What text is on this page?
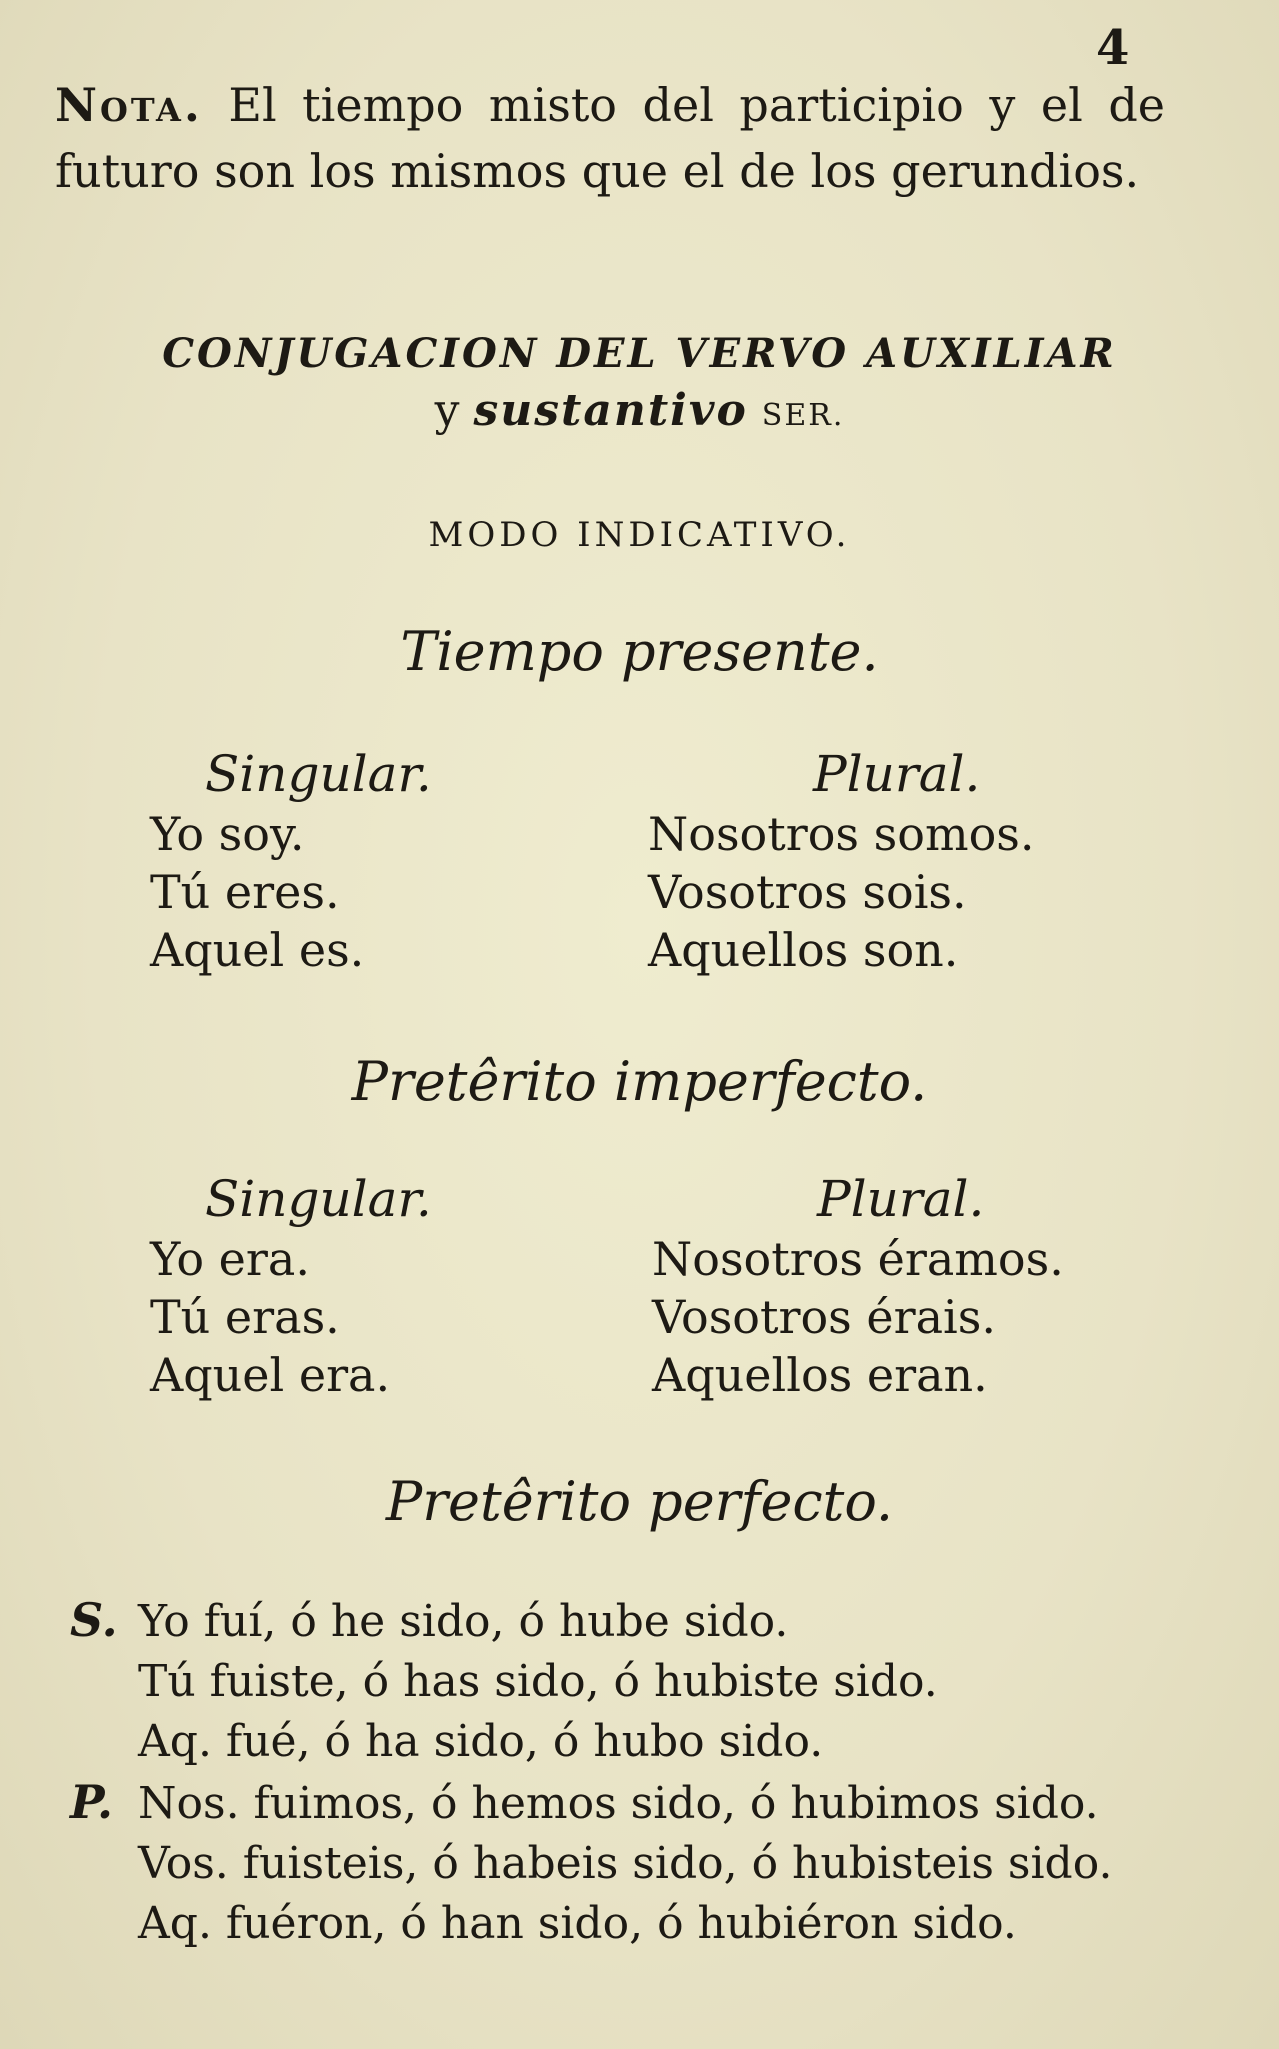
4
Nota. El tiempo misto del participio y el de futuro son los mismos que el de los gerundios.
CONJUGACION DEL VERVO AUXILIAR
y sustantivo SER.
MODO INDICATIVO.
Tiempo presente.
Singular.
Yo soy.
Tú eres.
Aquel es.
Plural.
Nosotros somos.
Vosotros sois.
Aquellos son.
Pretêrito imperfecto.
Singular.
Yo era.
Tú eras.
Aquel era.
Plural.
Nosotros éramos.
Vosotros érais.
Aquellos eran.
Pretêrito perfecto.
S. Yo fuí, ó he sido, ó hube sido.
Tú fuiste, ó has sido, ó hubiste sido.
Aq. fué, ó ha sido, ó hubo sido.
P. Nos. fuimos, ó hemos sido, ó hubimos sido.
Vos. fuisteis, ó habeis sido, ó hubisteis sido.
Aq. fuéron, ó han sido, ó hubiéron sido.
